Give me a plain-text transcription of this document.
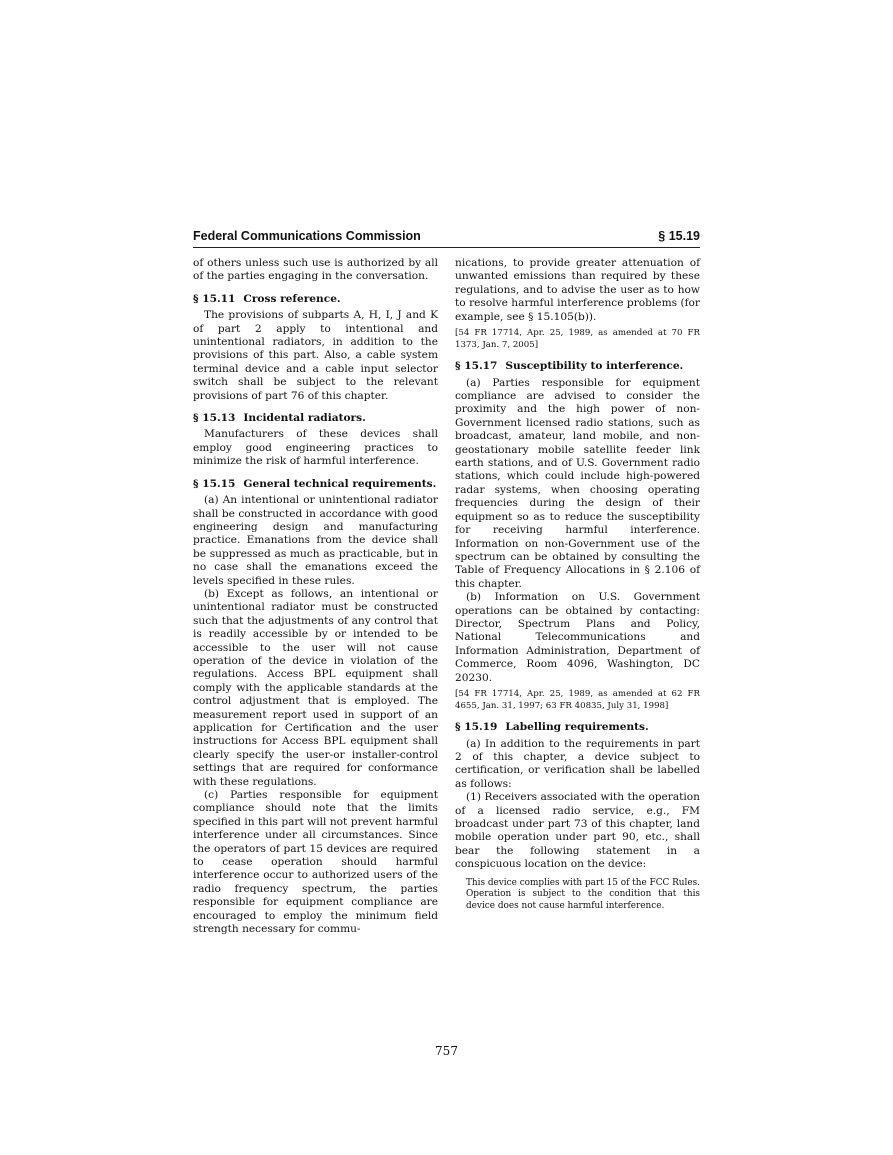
Federal Communications Commission	§ 15.19

of others unless such use is authorized by all of the parties engaging in the conversation.

§ 15.11 Cross reference.

The provisions of subparts A, H, I, J and K of part 2 apply to intentional and unintentional radiators, in addition to the provisions of this part. Also, a cable system terminal device and a cable input selector switch shall be subject to the relevant provisions of part 76 of this chapter.

§ 15.13 Incidental radiators.

Manufacturers of these devices shall employ good engineering practices to minimize the risk of harmful interference.

§ 15.15 General technical requirements.

(a) An intentional or unintentional radiator shall be constructed in accordance with good engineering design and manufacturing practice. Emanations from the device shall be suppressed as much as practicable, but in no case shall the emanations exceed the levels specified in these rules.

(b) Except as follows, an intentional or unintentional radiator must be constructed such that the adjustments of any control that is readily accessible by or intended to be accessible to the user will not cause operation of the device in violation of the regulations. Access BPL equipment shall comply with the applicable standards at the control adjustment that is employed. The measurement report used in support of an application for Certification and the user instructions for Access BPL equipment shall clearly specify the user-or installer-control settings that are required for conformance with these regulations.

(c) Parties responsible for equipment compliance should note that the limits specified in this part will not prevent harmful interference under all circumstances. Since the operators of part 15 devices are required to cease operation should harmful interference occur to authorized users of the radio frequency spectrum, the parties responsible for equipment compliance are encouraged to employ the minimum field strength necessary for commu-

nications, to provide greater attenuation of unwanted emissions than required by these regulations, and to advise the user as to how to resolve harmful interference problems (for example, see § 15.105(b)).

[54 FR 17714, Apr. 25, 1989, as amended at 70 FR 1373, Jan. 7, 2005]

§ 15.17 Susceptibility to interference.

(a) Parties responsible for equipment compliance are advised to consider the proximity and the high power of non-Government licensed radio stations, such as broadcast, amateur, land mobile, and non-geostationary mobile satellite feeder link earth stations, and of U.S. Government radio stations, which could include high-powered radar systems, when choosing operating frequencies during the design of their equipment so as to reduce the susceptibility for receiving harmful interference. Information on non-Government use of the spectrum can be obtained by consulting the Table of Frequency Allocations in § 2.106 of this chapter.

(b) Information on U.S. Government operations can be obtained by contacting: Director, Spectrum Plans and Policy, National Telecommunications and Information Administration, Department of Commerce, Room 4096, Washington, DC 20230.

[54 FR 17714, Apr. 25, 1989, as amended at 62 FR 4655, Jan. 31, 1997; 63 FR 40835, July 31, 1998]

§ 15.19 Labelling requirements.

(a) In addition to the requirements in part 2 of this chapter, a device subject to certification, or verification shall be labelled as follows:

(1) Receivers associated with the operation of a licensed radio service, e.g., FM broadcast under part 73 of this chapter, land mobile operation under part 90, etc., shall bear the following statement in a conspicuous location on the device:

This device complies with part 15 of the FCC Rules. Operation is subject to the condition that this device does not cause harmful interference.

757
